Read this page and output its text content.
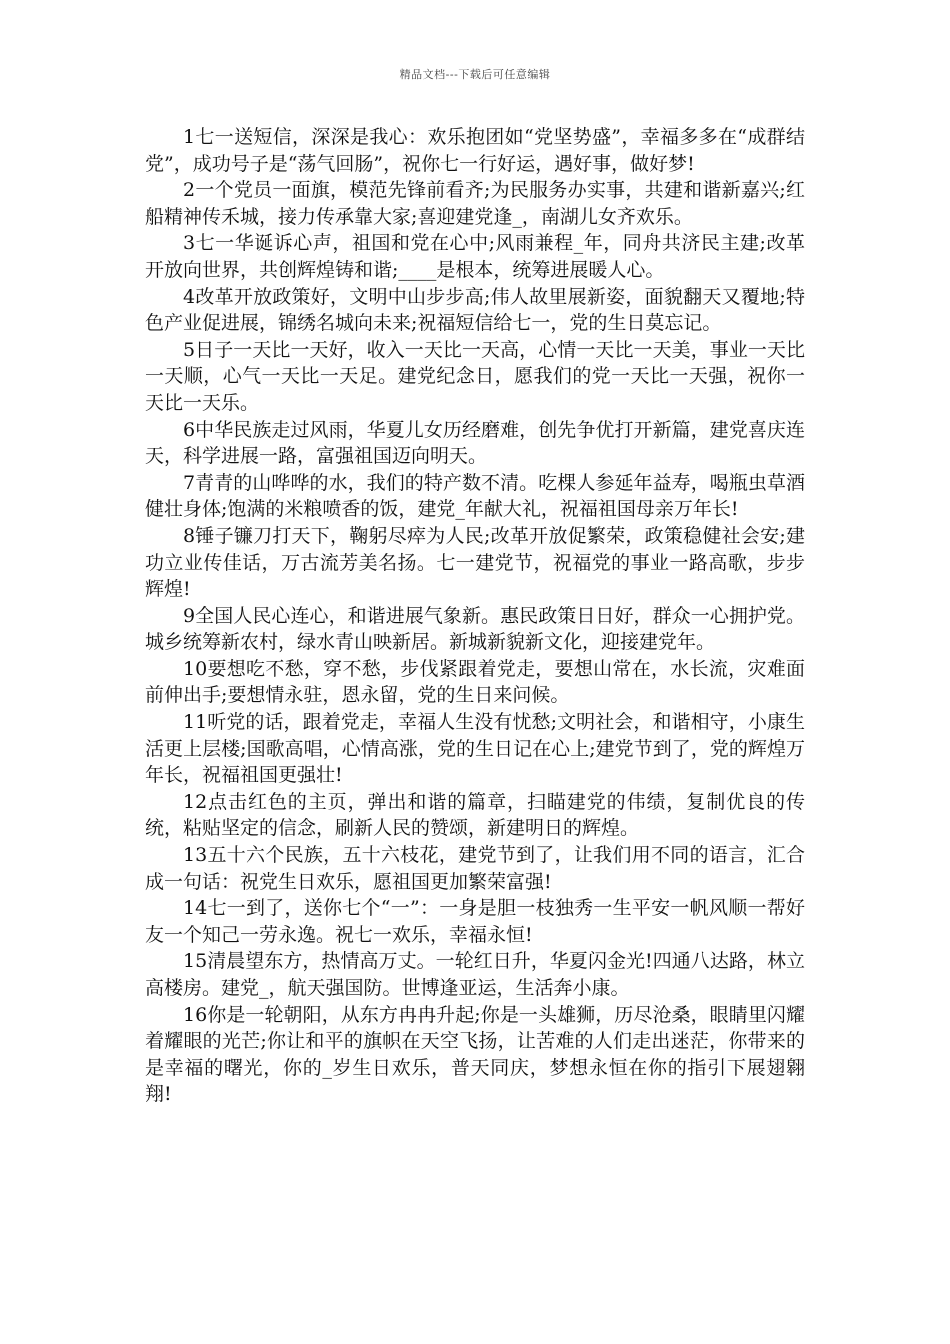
精品文档---下载后可任意编辑

1七一送短信，深深是我心：欢乐抱团如“党坚势盛”，幸福多多在“成群结党”，成功号子是“荡气回肠”，祝你七一行好运，遇好事，做好梦!

2一个党员一面旗，模范先锋前看齐;为民服务办实事，共建和谐新嘉兴;红船精神传禾城，接力传承靠大家;喜迎建党逢_，南湖儿女齐欢乐。

3七一华诞诉心声，祖国和党在心中;风雨兼程_年，同舟共济民主建;改革开放向世界，共创辉煌铸和谐;____是根本，统筹进展暖人心。

4改革开放政策好，文明中山步步高;伟人故里展新姿，面貌翻天又覆地;特色产业促进展，锦绣名城向未来;祝福短信给七一，党的生日莫忘记。

5日子一天比一天好，收入一天比一天高，心情一天比一天美，事业一天比一天顺，心气一天比一天足。建党纪念日，愿我们的党一天比一天强，祝你一天比一天乐。

6中华民族走过风雨，华夏儿女历经磨难，创先争优打开新篇，建党喜庆连天，科学进展一路，富强祖国迈向明天。

7青青的山哗哗的水，我们的特产数不清。吃棵人参延年益寿，喝瓶虫草酒健壮身体;饱满的米粮喷香的饭，建党_年献大礼，祝福祖国母亲万年长!

8锤子镰刀打天下，鞠躬尽瘁为人民;改革开放促繁荣，政策稳健社会安;建功立业传佳话，万古流芳美名扬。七一建党节，祝福党的事业一路高歌，步步辉煌!

9全国人民心连心，和谐进展气象新。惠民政策日日好，群众一心拥护党。城乡统筹新农村，绿水青山映新居。新城新貌新文化，迎接建党年。

10要想吃不愁，穿不愁，步伐紧跟着党走，要想山常在，水长流，灾难面前伸出手;要想情永驻，恩永留，党的生日来问候。

11听党的话，跟着党走，幸福人生没有忧愁;文明社会，和谐相守，小康生活更上层楼;国歌高唱，心情高涨，党的生日记在心上;建党节到了，党的辉煌万年长，祝福祖国更强壮!

12点击红色的主页，弹出和谐的篇章，扫瞄建党的伟绩，复制优良的传统，粘贴坚定的信念，刷新人民的赞颂，新建明日的辉煌。

13五十六个民族，五十六枝花，建党节到了，让我们用不同的语言，汇合成一句话：祝党生日欢乐，愿祖国更加繁荣富强!

14七一到了，送你七个“一”：一身是胆一枝独秀一生平安一帆风顺一帮好友一个知己一劳永逸。祝七一欢乐，幸福永恒!

15清晨望东方，热情高万丈。一轮红日升，华夏闪金光!四通八达路，林立高楼房。建党_，航天强国防。世博逢亚运，生活奔小康。

16你是一轮朝阳，从东方冉冉升起;你是一头雄狮，历尽沧桑，眼睛里闪耀着耀眼的光芒;你让和平的旗帜在天空飞扬，让苦难的人们走出迷茫，你带来的是幸福的曙光，你的_岁生日欢乐，普天同庆，梦想永恒在你的指引下展翅翱翔!
